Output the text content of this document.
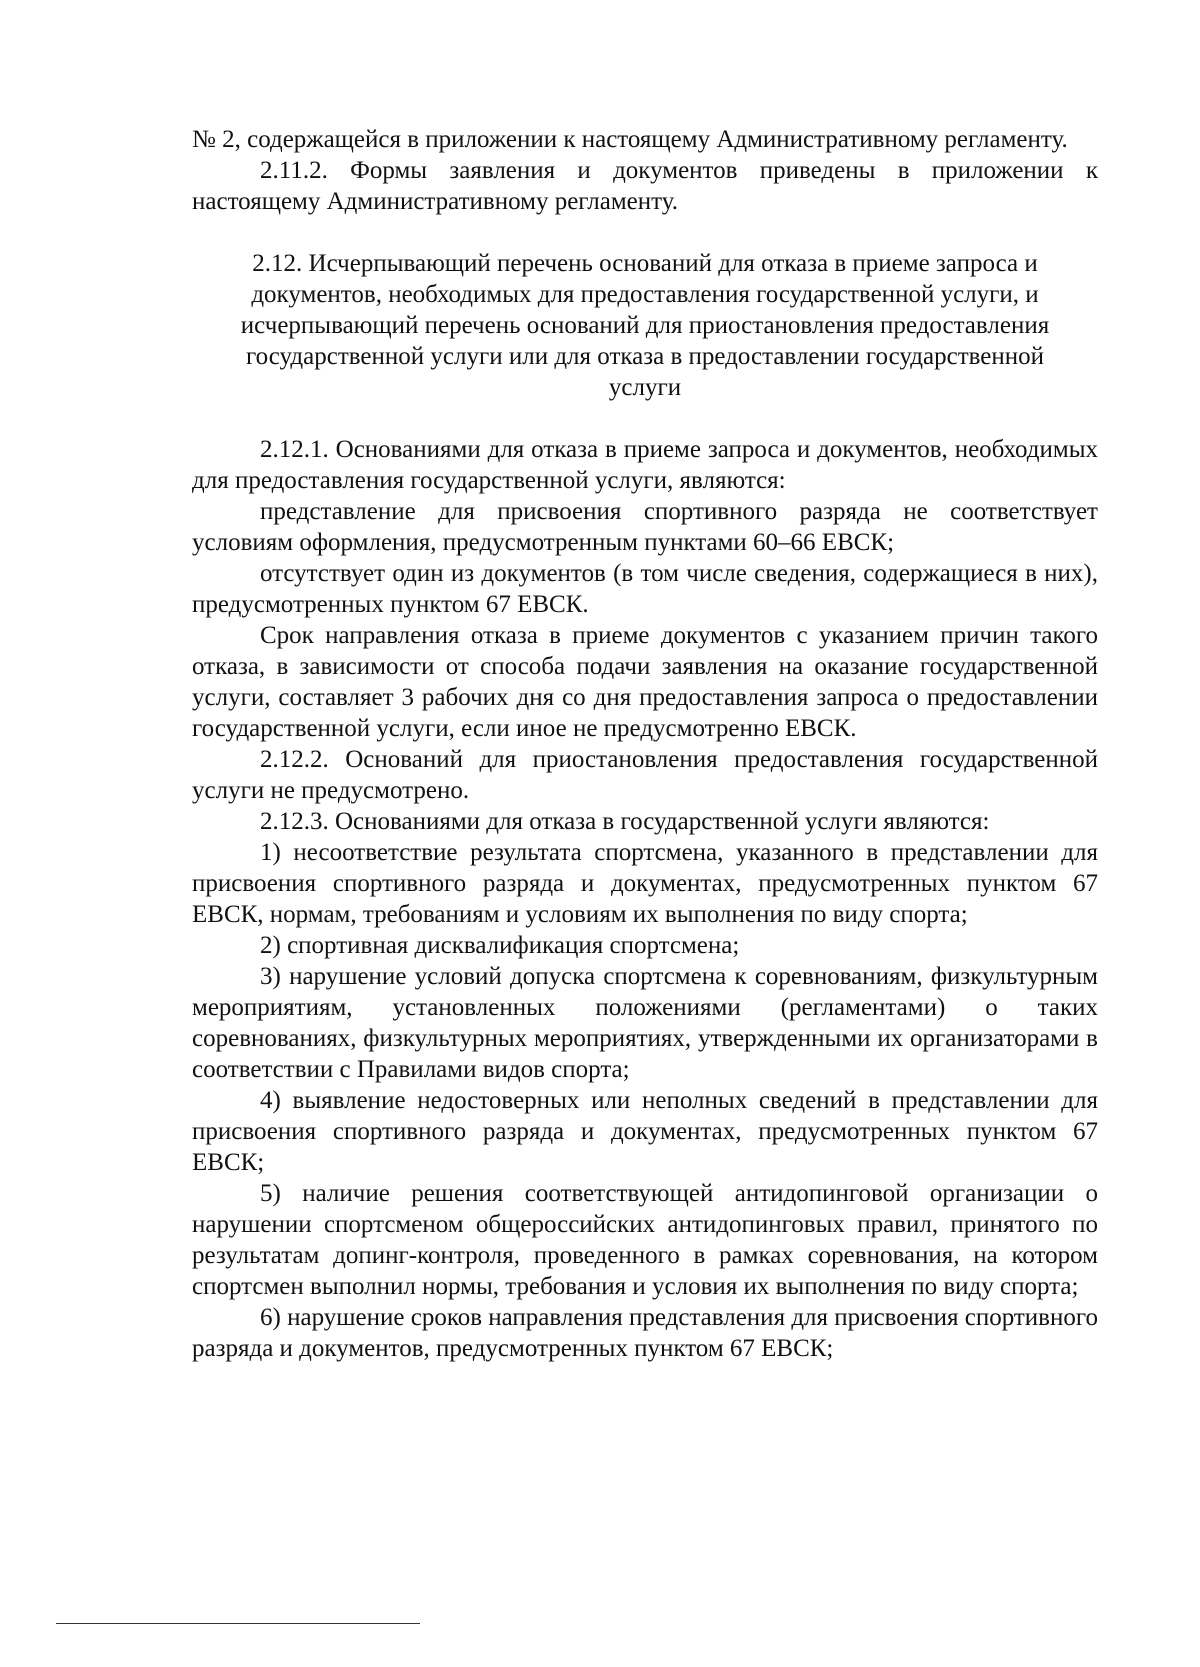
№ 2, содержащейся в приложении к настоящему Административному регламенту.

2.11.2. Формы заявления и документов приведены в приложении к настоящему Административному регламенту.

2.12. Исчерпывающий перечень оснований для отказа в приеме запроса и документов, необходимых для предоставления государственной услуги, и исчерпывающий перечень оснований для приостановления предоставления государственной услуги или для отказа в предоставлении государственной услуги

2.12.1. Основаниями для отказа в приеме запроса и документов, необходимых для предоставления государственной услуги, являются:

представление для присвоения спортивного разряда не соответствует условиям оформления, предусмотренным пунктами 60–66 ЕВСК;

отсутствует один из документов (в том числе сведения, содержащиеся в них), предусмотренных пунктом 67 ЕВСК.

Срок направления отказа в приеме документов с указанием причин такого отказа, в зависимости от способа подачи заявления на оказание государственной услуги, составляет 3 рабочих дня со дня предоставления запроса о предоставлении государственной услуги, если иное не предусмотренно ЕВСК.

2.12.2. Оснований для приостановления предоставления государственной услуги не предусмотрено.

2.12.3. Основаниями для отказа в государственной услуги являются:

1) несоответствие результата спортсмена, указанного в представлении для присвоения спортивного разряда и документах, предусмотренных пунктом 67 ЕВСК, нормам, требованиям и условиям их выполнения по виду спорта;

2) спортивная дисквалификация спортсмена;

3) нарушение условий допуска спортсмена к соревнованиям, физкультурным мероприятиям, установленных положениями (регламентами) о таких соревнованиях, физкультурных мероприятиях, утвержденными их организаторами в соответствии с Правилами видов спорта;

4) выявление недостоверных или неполных сведений в представлении для присвоения спортивного разряда и документах, предусмотренных пунктом 67 ЕВСК;

5) наличие решения соответствующей антидопинговой организации о нарушении спортсменом общероссийских антидопинговых правил, принятого по результатам допинг-контроля, проведенного в рамках соревнования, на котором спортсмен выполнил нормы, требования и условия их выполнения по виду спорта;

6) нарушение сроков направления представления для присвоения спортивного разряда и документов, предусмотренных пунктом 67 ЕВСК;
